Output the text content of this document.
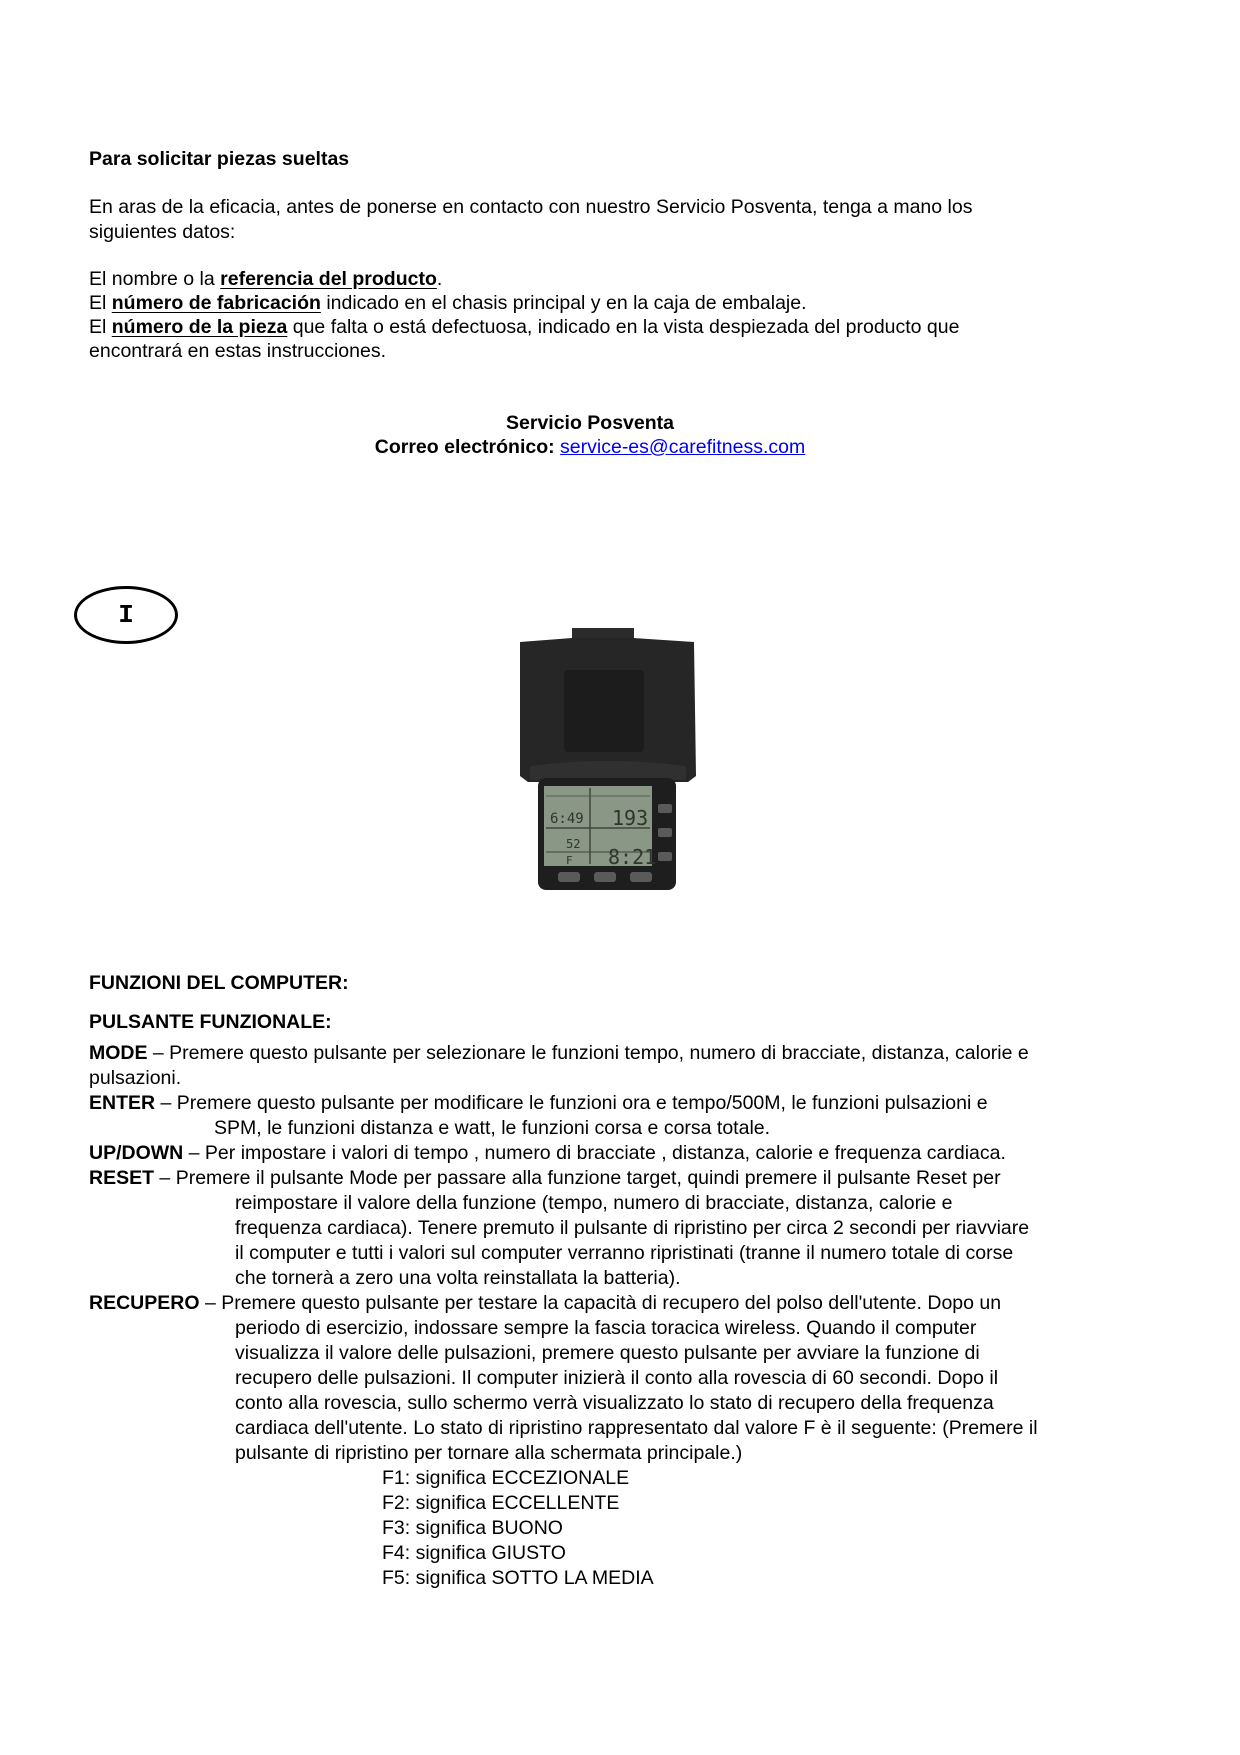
Para solicitar piezas sueltas
En aras de la eficacia, antes de ponerse en contacto con nuestro Servicio Posventa, tenga a mano los
siguientes datos:
El nombre o la referencia del producto.
El número de fabricación indicado en el chasis principal y en la caja de embalaje.
El número de la pieza que falta o está defectuosa, indicado en la vista despiezada del producto que
encontrará en estas instrucciones.
Servicio Posventa
Correo electrónico: service-es@carefitness.com
I
6:49 193
52
8:21
F
FUNZIONI DEL COMPUTER:
PULSANTE FUNZIONALE:
MODE – Premere questo pulsante per selezionare le funzioni tempo, numero di bracciate, distanza, calorie e
pulsazioni.
ENTER – Premere questo pulsante per modificare le funzioni ora e tempo/500M, le funzioni pulsazioni e
SPM, le funzioni distanza e watt, le funzioni corsa e corsa totale.
UP/DOWN – Per impostare i valori di tempo , numero di bracciate , distanza, calorie e frequenza cardiaca.
RESET – Premere il pulsante Mode per passare alla funzione target, quindi premere il pulsante Reset per
reimpostare il valore della funzione (tempo, numero di bracciate, distanza, calorie e
frequenza cardiaca). Tenere premuto il pulsante di ripristino per circa 2 secondi per riavviare
il computer e tutti i valori sul computer verranno ripristinati (tranne il numero totale di corse
che tornerà a zero una volta reinstallata la batteria).
RECUPERO – Premere questo pulsante per testare la capacità di recupero del polso dell'utente. Dopo un
periodo di esercizio, indossare sempre la fascia toracica wireless. Quando il computer
visualizza il valore delle pulsazioni, premere questo pulsante per avviare la funzione di
recupero delle pulsazioni. Il computer inizierà il conto alla rovescia di 60 secondi. Dopo il
conto alla rovescia, sullo schermo verrà visualizzato lo stato di recupero della frequenza
cardiaca dell'utente. Lo stato di ripristino rappresentato dal valore F è il seguente: (Premere il
pulsante di ripristino per tornare alla schermata principale.)
F1: significa ECCEZIONALE
F2: significa ECCELLENTE
F3: significa BUONO
F4: significa GIUSTO
F5: significa SOTTO LA MEDIA
